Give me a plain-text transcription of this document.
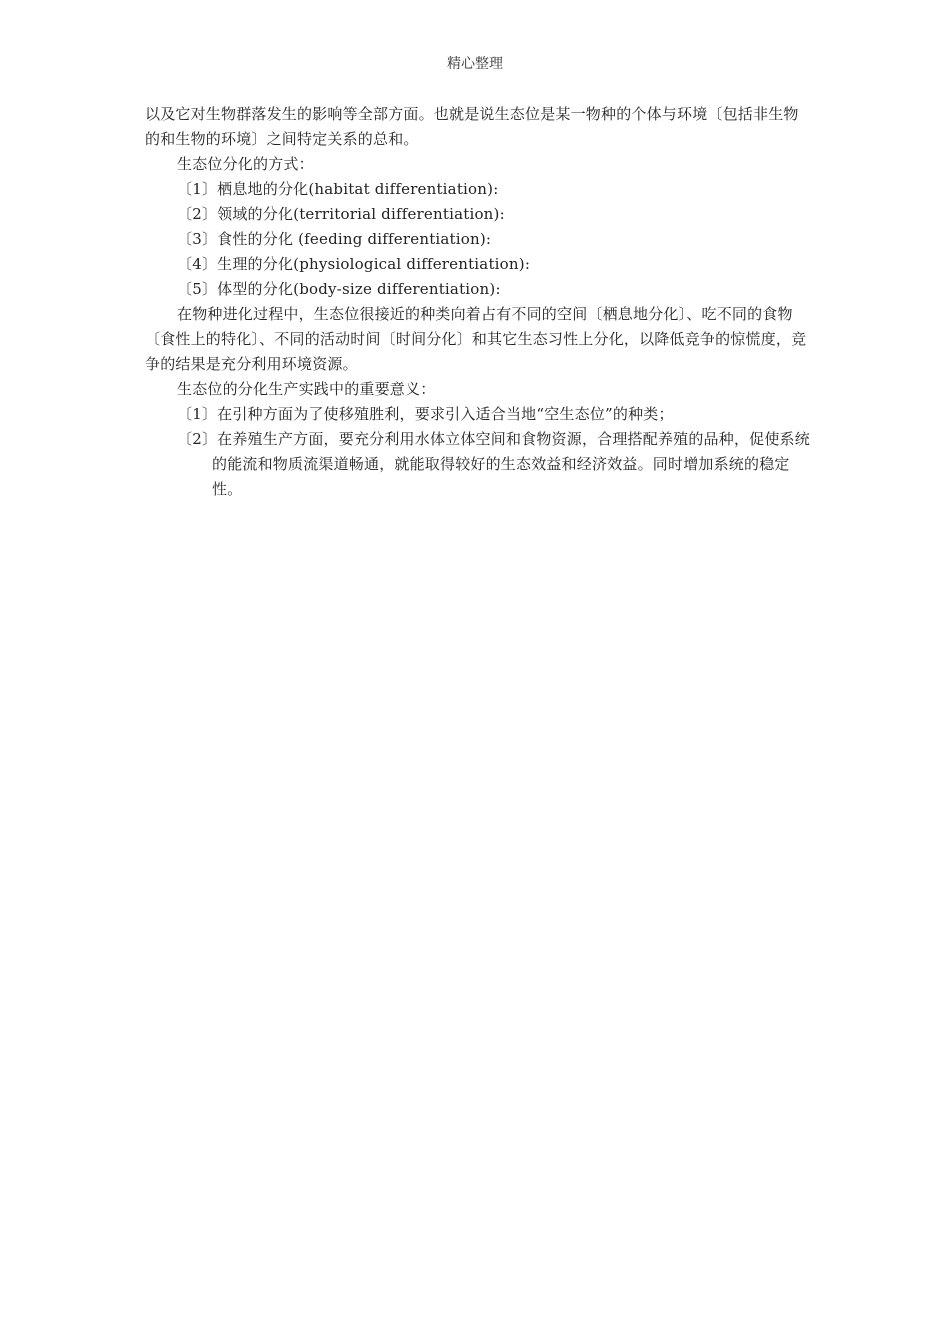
精心整理

以及它对生物群落发生的影响等全部方面。也就是说生态位是某一物种的个体与环境〔包括非生物的和生物的环境〕之间特定关系的总和。

生态位分化的方式：

〔1〕栖息地的分化(habitat differentiation):

〔2〕领域的分化(territorial differentiation):

〔3〕食性的分化 (feeding differentiation):

〔4〕生理的分化(physiological differentiation):

〔5〕体型的分化(body-size differentiation):

在物种进化过程中，生态位很接近的种类向着占有不同的空间〔栖息地分化〕、吃不同的食物〔食性上的特化〕、不同的活动时间〔时间分化〕和其它生态习性上分化，以降低竞争的惊慌度，竞争的结果是充分利用环境资源。

生态位的分化生产实践中的重要意义：

〔1〕在引种方面为了使移殖胜利，要求引入适合当地“空生态位”的种类；

〔2〕在养殖生产方面，要充分利用水体立体空间和食物资源，合理搭配养殖的品种，促使系统的能流和物质流渠道畅通，就能取得较好的生态效益和经济效益。同时增加系统的稳定性。
